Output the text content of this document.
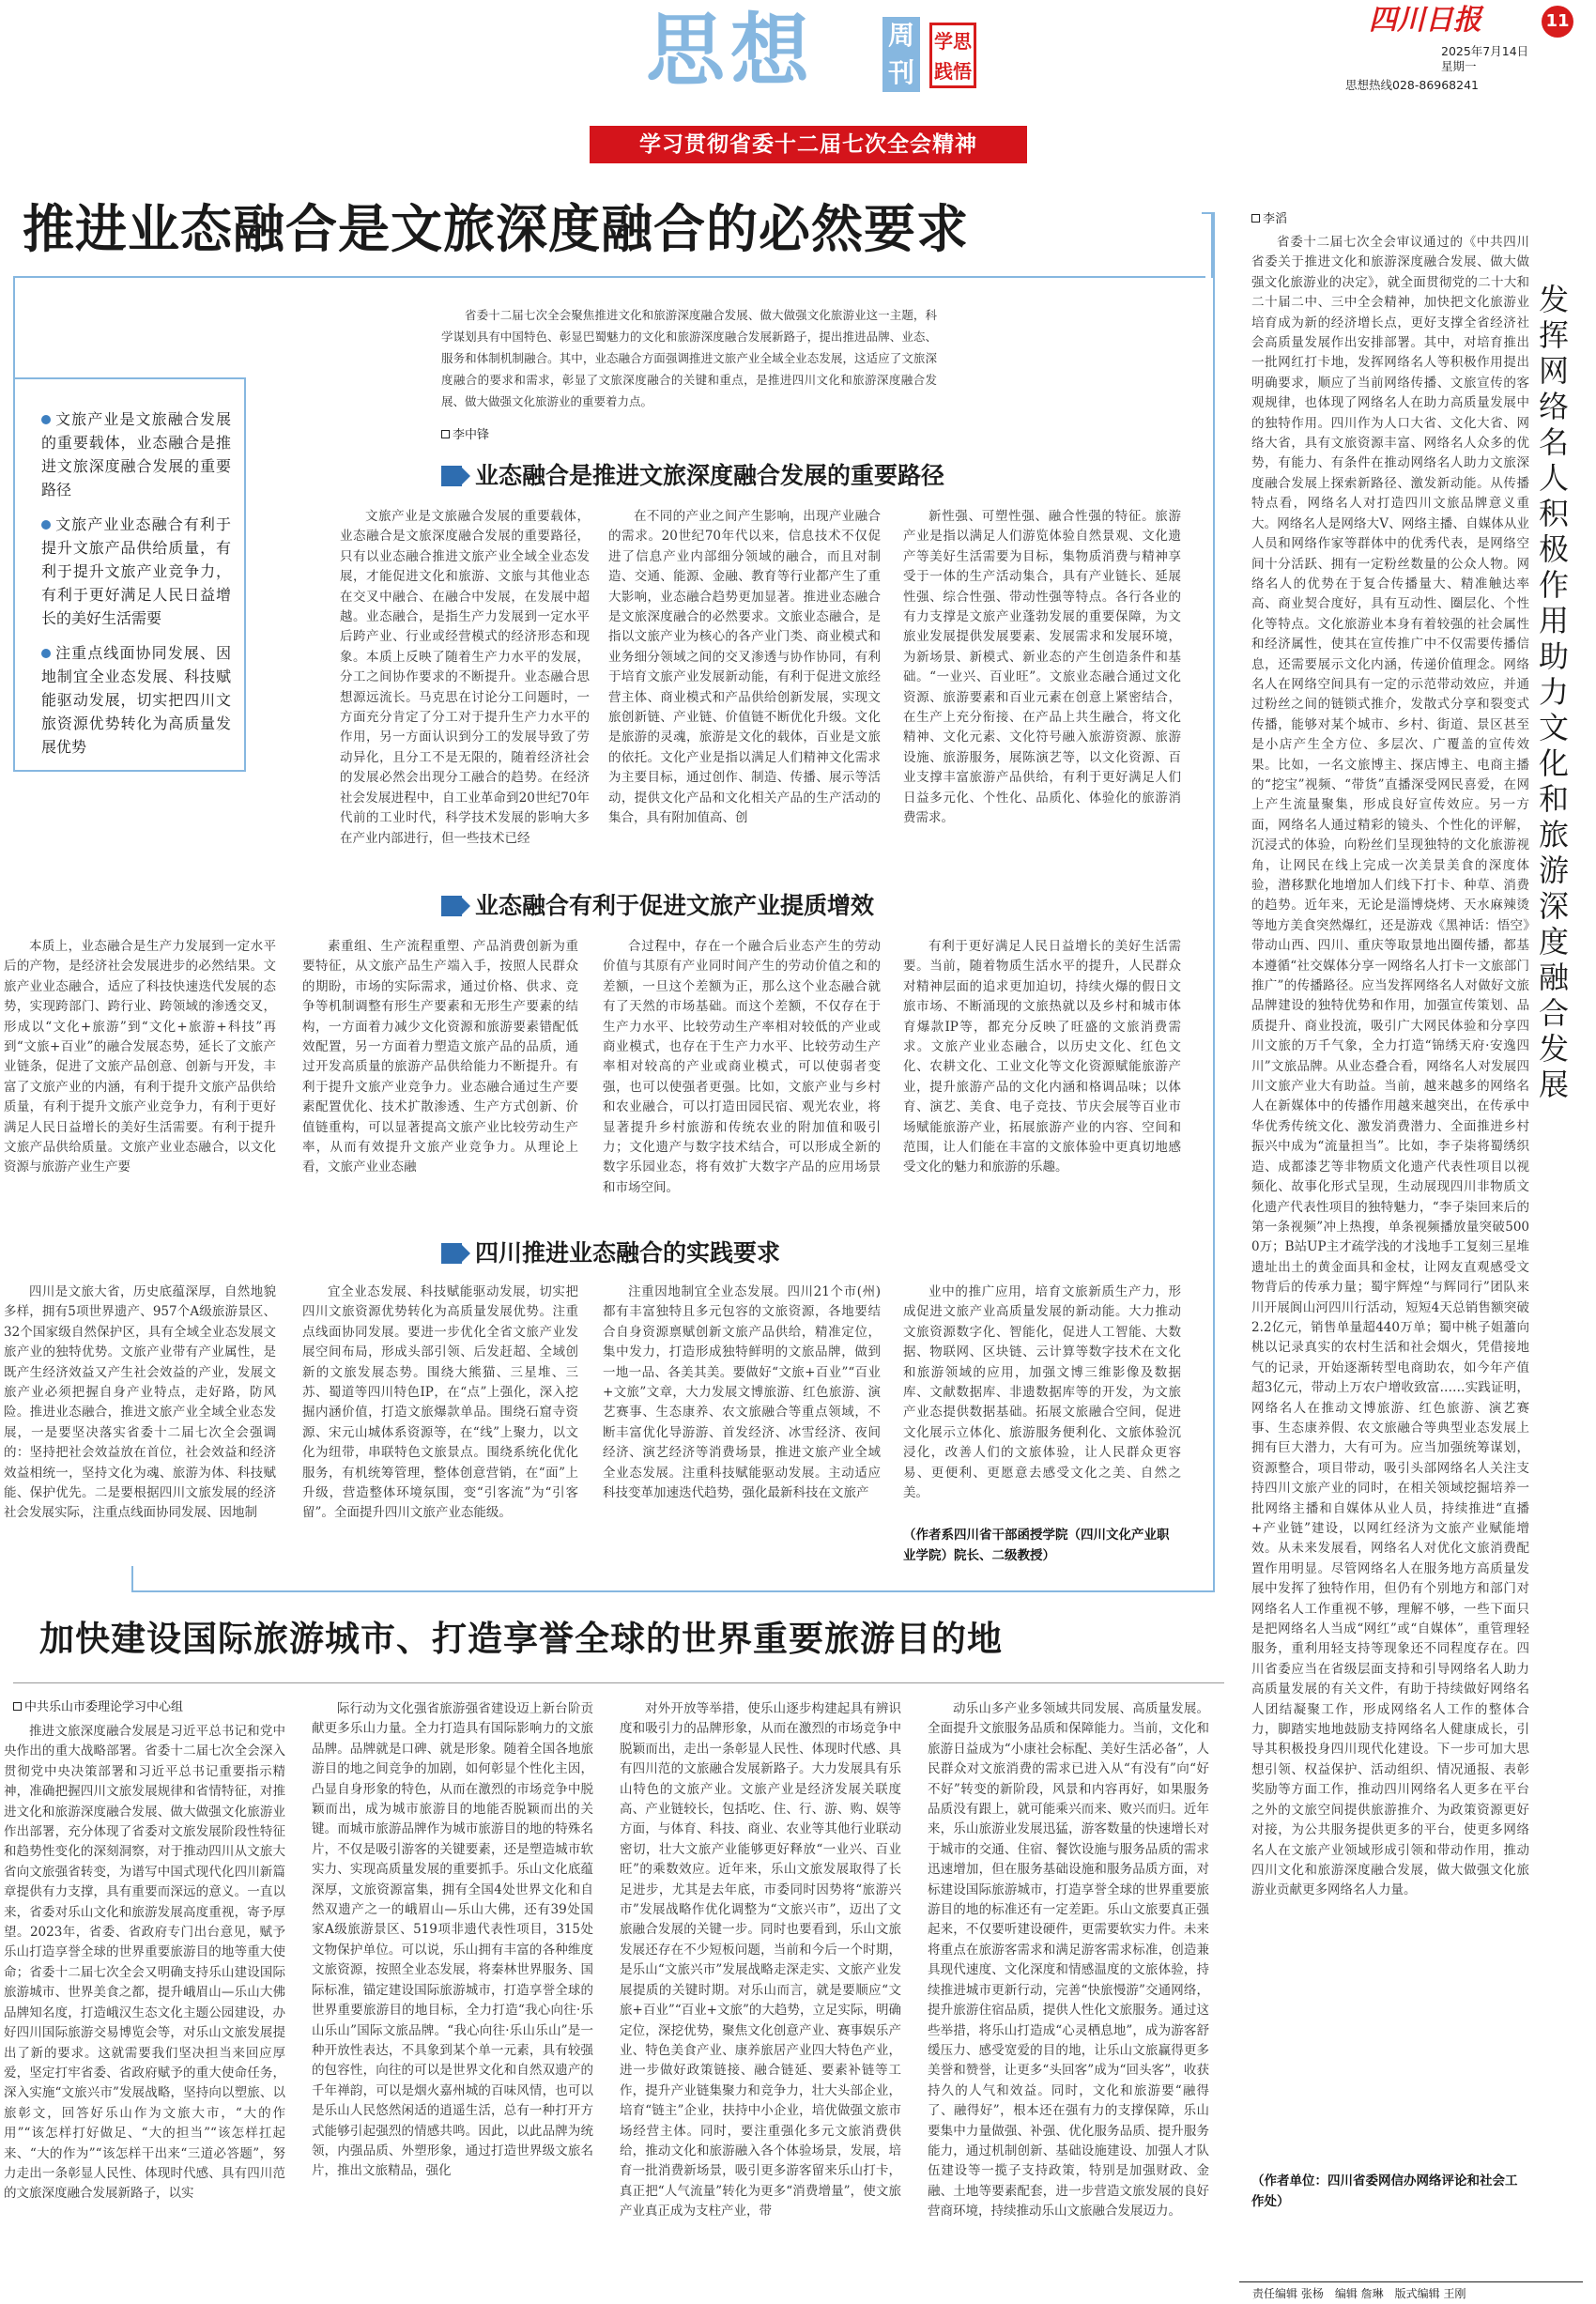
思想	周刊
学思践悟
四川日报	11
2025年7月14日
星期一
思想热线028-86968241
学习贯彻省委十二届七次全会精神
推进业态融合是文旅深度融合的必然要求
省委十二届七次全会聚焦推进文化和旅游深度融合发展、做大做强文化旅游业这一主题，科学谋划具有中国特色、彰显巴蜀魅力的文化和旅游深度融合发展新路子，提出推进品牌、业态、服务和体制机制融合。其中，业态融合方面强调推进文旅产业全域全业态发展，这适应了文旅深度融合的要求和需求，彰显了文旅深度融合的关键和重点，是推进四川文化和旅游深度融合发展、做大做强文化旅游业的重要着力点。
李中锋
文旅产业是文旅融合发展的重要载体，业态融合是推进文旅深度融合发展的重要路径
文旅产业业态融合有利于提升文旅产品供给质量，有利于提升文旅产业竞争力，有利于更好满足人民日益增长的美好生活需要
注重点线面协同发展、因地制宜全业态发展、科技赋能驱动发展，切实把四川文旅资源优势转化为高质量发展优势
业态融合是推进文旅深度融合发展的重要路径
文旅产业是文旅融合发展的重要载体，业态融合是文旅深度融合发展的重要路径，只有以业态融合推进文旅产业全域全业态发展，才能促进文化和旅游、文旅与其他业态在交叉中融合、在融合中发展，在发展中超越。业态融合，是指生产力发展到一定水平后跨产业、行业或经营模式的经济形态和现象。本质上反映了随着生产力水平的发展，分工之间协作要求的不断提升。业态融合思想源远流长。马克思在讨论分工问题时，一方面充分肯定了分工对于提升生产力水平的作用，另一方面认识到分工的发展导致了劳动异化，且分工不是无限的，随着经济社会的发展必然会出现分工融合的趋势。在经济社会发展进程中，自工业革命到20世纪70年代前的工业时代，科学技术发展的影响大多在产业内部进行，但一些技术已经
在不同的产业之间产生影响，出现产业融合的需求。20世纪70年代以来，信息技术不仅促进了信息产业内部细分领域的融合，而且对制造、交通、能源、金融、教育等行业都产生了重大影响，业态融合趋势更加显著。推进业态融合是文旅深度融合的必然要求。文旅业态融合，是指以文旅产业为核心的各产业门类、商业模式和业务细分领域之间的交叉渗透与协作协同，有利于培育文旅产业发展新动能，有利于促进文旅经营主体、商业模式和产品供给创新发展，实现文旅创新链、产业链、价值链不断优化升级。文化是旅游的灵魂，旅游是文化的载体，百业是文旅的依托。文化产业是指以满足人们精神文化需求为主要目标，通过创作、制造、传播、展示等活动，提供文化产品和文化相关产品的生产活动的集合，具有附加值高、创
新性强、可塑性强、融合性强的特征。旅游产业是指以满足人们游览体验自然景观、文化遗产等美好生活需要为目标，集物质消费与精神享受于一体的生产活动集合，具有产业链长、延展性强、综合性强、带动性强等特点。各行各业的有力支撑是文旅产业蓬勃发展的重要保障，为文旅业发展提供发展要素、发展需求和发展环境，为新场景、新模式、新业态的产生创造条件和基础。“一业兴、百业旺”。文旅业态融合通过文化资源、旅游要素和百业元素在创意上紧密结合，在生产上充分衔接、在产品上共生融合，将文化精神、文化元素、文化符号融入旅游资源、旅游设施、旅游服务，展陈演艺等，以文化资源、百业支撑丰富旅游产品供给，有利于更好满足人们日益多元化、个性化、品质化、体验化的旅游消费需求。
业态融合有利于促进文旅产业提质增效
本质上，业态融合是生产力发展到一定水平后的产物，是经济社会发展进步的必然结果。文旅产业业态融合，适应了科技快速迭代发展的态势，实现跨部门、跨行业、跨领域的渗透交叉，形成以“文化+旅游”到“文化+旅游+科技”再到“文旅+百业”的融合发展态势，延长了文旅产业链条，促进了文旅产品创意、创新与开发，丰富了文旅产业的内涵，有利于提升文旅产品供给质量，有利于提升文旅产业竞争力，有利于更好满足人民日益增长的美好生活需要。有利于提升文旅产品供给质量。文旅产业业态融合，以文化资源与旅游产业生产要
素重组、生产流程重塑、产品消费创新为重要特征，从文旅产品生产端入手，按照人民群众的期盼，市场的实际需求，通过价格、供求、竞争等机制调整有形生产要素和无形生产要素的结构，一方面着力减少文化资源和旅游要素错配低效配置，另一方面着力塑造文旅产品的品质，通过开发高质量的旅游产品供给能力不断提升。有利于提升文旅产业竞争力。业态融合通过生产要素配置优化、技术扩散渗透、生产方式创新、价值链重构，可以显著提高文旅产业比较劳动生产率，从而有效提升文旅产业竞争力。从理论上看，文旅产业业态融
合过程中，存在一个融合后业态产生的劳动价值与其原有产业同时间产生的劳动价值之和的差额，一旦这个差额为正，那么这个业态融合就有了天然的市场基础。而这个差额，不仅存在于生产力水平、比较劳动生产率相对较低的产业或商业模式，也存在于生产力水平、比较劳动生产率相对较高的产业或商业模式，可以使弱者变强，也可以使强者更强。比如，文旅产业与乡村和农业融合，可以打造田园民宿、观光农业，将显著提升乡村旅游和传统农业的附加值和吸引力；文化遗产与数字技术结合，可以形成全新的数字乐园业态，将有效扩大数字产品的应用场景和市场空间。
有利于更好满足人民日益增长的美好生活需要。当前，随着物质生活水平的提升，人民群众对精神层面的追求更加迫切，持续火爆的假日文旅市场、不断涌现的文旅热就以及乡村和城市体育爆款IP等，都充分反映了旺盛的文旅消费需求。文旅产业业态融合，以历史文化、红色文化、农耕文化、工业文化等文化资源赋能旅游产业，提升旅游产品的文化内涵和格调品味；以体育、演艺、美食、电子竞技、节庆会展等百业市场赋能旅游产业，拓展旅游产业的内容、空间和范围，让人们能在丰富的文旅体验中更真切地感受文化的魅力和旅游的乐趣。
四川推进业态融合的实践要求
四川是文旅大省，历史底蕴深厚，自然地貌多样，拥有5项世界遗产、957个A级旅游景区、32个国家级自然保护区，具有全域全业态发展文旅产业的独特优势。文旅产业带有产业属性，是既产生经济效益又产生社会效益的产业，发展文旅产业必须把握自身产业特点，走好路，防风险。推进业态融合，推进文旅产业全域全业态发展，一是要坚决落实省委十二届七次全会强调的：坚持把社会效益放在首位，社会效益和经济效益相统一，坚持文化为魂、旅游为体、科技赋能、保护优先。二是要根据四川文旅发展的经济社会发展实际，注重点线面协同发展、因地制
宜全业态发展、科技赋能驱动发展，切实把四川文旅资源优势转化为高质量发展优势。注重点线面协同发展。要进一步优化全省文旅产业发展空间布局，形成头部引领、后发赶超、全域创新的文旅发展态势。围绕大熊猫、三星堆、三苏、蜀道等四川特色IP，在“点”上强化，深入挖掘内涵价值，打造文旅爆款单品。围绕石窟寺资源、宋元山城体系资源等，在“线”上聚力，以文化为纽带，串联特色文旅景点。围绕系统化优化服务，有机统筹管理，整体创意营销，在“面”上升级，营造整体环境氛围，变“引客流”为“引客留”。全面提升四川文旅产业态能级。
注重因地制宜全业态发展。四川21个市(州)都有丰富独特且多元包容的文旅资源，各地要结合自身资源禀赋创新文旅产品供给，精准定位，集中发力，打造形成独特鲜明的文旅品牌，做到一地一品、各美其美。要做好“文旅+百业”“百业+文旅”文章，大力发展文博旅游、红色旅游、演艺赛事、生态康养、农文旅融合等重点领域，不断丰富优化导游游、首发经济、冰雪经济、夜间经济、演艺经济等消费场景，推进文旅产业全域全业态发展。注重科技赋能驱动发展。主动适应科技变革加速迭代趋势，强化最新科技在文旅产
业中的推广应用，培育文旅新质生产力，形成促进文旅产业高质量发展的新动能。大力推动文旅资源数字化、智能化，促进人工智能、大数据、物联网、区块链、云计算等数字技术在文化和旅游领域的应用，加强文博三维影像及数据库、文献数据库、非遗数据库等的开发，为文旅产业态提供数据基础。拓展文旅融合空间，促进文化展示立体化、旅游服务便利化、文旅体验沉浸化，改善人们的文旅体验，让人民群众更容易、更便利、更愿意去感受文化之美、自然之美。
（作者系四川省干部函授学院（四川文化产业职业学院）院长、二级教授）
李滔
发挥网络名人积极作用 助力文化和旅游深度融合发展
省委十二届七次全会审议通过的《中共四川省委关于推进文化和旅游深度融合发展、做大做强文化旅游业的决定》，就全面贯彻党的二十大和二十届二中、三中全会精神，加快把文化旅游业培育成为新的经济增长点，更好支撑全省经济社会高质量发展作出安排部署。其中，对培育推出一批网红打卡地，发挥网络名人等积极作用提出明确要求，顺应了当前网络传播、文旅宣传的客观规律，也体现了网络名人在助力高质量发展中的独特作用。四川作为人口大省、文化大省、网络大省，具有文旅资源丰富、网络名人众多的优势，有能力、有条件在推动网络名人助力文旅深度融合发展上探索新路径、激发新动能。从传播特点看，网络名人对打造四川文旅品牌意义重大。网络名人是网络大V、网络主播、自媒体从业人员和网络作家等群体中的优秀代表，是网络空间十分活跃、拥有一定粉丝数量的公众人物。网络名人的优势在于复合传播量大、精准触达率高、商业契合度好，具有互动性、圈层化、个性化等特点。文化旅游业本身有着较强的社会属性和经济属性，使其在宣传推广中不仅需要传播信息，还需要展示文化内涵，传递价值理念。网络名人在网络空间具有一定的示范带动效应，并通过粉丝之间的链锁式推介，发散式分享和裂变式传播，能够对某个城市、乡村、街道、景区甚至是小店产生全方位、多层次、广覆盖的宣传效果。比如，一名文旅博主、探店博主、电商主播的“挖宝”视频、“带货”直播深受网民喜爱，在网上产生流量聚集，形成良好宣传效应。另一方面，网络名人通过精彩的镜头、个性化的评解，沉浸式的体验，向粉丝们呈现独特的文化旅游视角，让网民在线上完成一次美景美食的深度体验，潜移默化地增加人们线下打卡、种草、消费的趋势。近年来，无论是淄博烧烤、天水麻辣烫等地方美食突然爆红，还是游戏《黑神话：悟空》带动山西、四川、重庆等取景地出圈传播，都基本遵循“社交媒体分享一网络名人打卡一文旅部门推广”的传播路径。应当发挥网络名人对做好文旅品牌建设的独特优势和作用，加强宣传策划、品质提升、商业投流，吸引广大网民体验和分享四川文旅的万千气象，全力打造“锦绣天府·安逸四川”文旅品牌。从业态叠合看，网络名人对发展四川文旅产业大有助益。当前，越来越多的网络名人在新媒体中的传播作用越来越突出，在传承中华优秀传统文化、激发消费潜力、全面推进乡村振兴中成为“流量担当”。比如，李子柒将蜀绣织造、成都漆艺等非物质文化遗产代表性项目以视频化、故事化形式呈现，生动展现四川非物质文化遗产代表性项目的独特魅力，“李子柒回来后的第一条视频”冲上热搜，单条视频播放量突破5000万；B站UP主才疏学浅的才浅地手工复刻三星堆遗址出土的黄金面具和金杖，让网友直观感受文物背后的传承力量；蜀宇辉煌“与辉同行”团队来川开展阆山河四川行活动，短短4天总销售额突破2.2亿元，销售单量超440万单；蜀中桃子姐蕭向桃以记录真实的农村生活和社会烟火，凭借接地气的记录，开始逐渐转型电商助农，如今年产值超3亿元，带动上万农户增收致富……实践证明，网络名人在推动文博旅游、红色旅游、演艺赛事、生态康养假、农文旅融合等典型业态发展上拥有巨大潜力，大有可为。应当加强统筹谋划，资源整合，项目带动，吸引头部网络名人关注支持四川文旅产业的同时，在相关领域挖掘培养一批网络主播和自媒体从业人员，持续推进“直播+产业链”建设，以网红经济为文旅产业赋能增效。从未来发展看，网络名人对优化文旅消费配置作用明显。尽管网络名人在服务地方高质量发展中发挥了独特作用，但仍有个别地方和部门对网络名人工作重视不够，理解不够，一些下面只是把网络名人当成“网红”或“自媒体”，重管理轻服务，重利用轻支持等现象还不同程度存在。四川省委应当在省级层面支持和引导网络名人助力高质量发展的有关文件，有助于持续做好网络名人团结凝聚工作，形成网络名人工作的整体合力，脚踏实地地鼓励支持网络名人健康成长，引导其积极投身四川现代化建设。下一步可加大思想引领、权益保护、活动组织、情况通报、表彰奖励等方面工作，推动四川网络名人更多在平台之外的文旅空间提供旅游推介、为政策资源更好对接，为公共服务提供更多的平台，使更多网络名人在文旅产业领域形成引领和带动作用，推动四川文化和旅游深度融合发展，做大做强文化旅游业贡献更多网络名人力量。
（作者单位：四川省委网信办网络评论和社会工作处）
加快建设国际旅游城市、打造享誉全球的世界重要旅游目的地
中共乐山市委理论学习中心组
推进文旅深度融合发展是习近平总书记和党中央作出的重大战略部署。省委十二届七次全会深入贯彻党中央决策部署和习近平总书记重要指示精神，准确把握四川文旅发展规律和省情特征，对推进文化和旅游深度融合发展、做大做强文化旅游业作出部署，充分体现了省委对文旅发展阶段性特征和趋势性变化的深刻洞察，对于推动四川从文旅大省向文旅强省转变，为谱写中国式现代化四川新篇章提供有力支撑，具有重要而深远的意义。一直以来，省委对乐山文化和旅游发展高度重视，寄予厚望。2023年，省委、省政府专门出台意见，赋予乐山打造享誉全球的世界重要旅游目的地等重大使命；省委十二届七次全会又明确支持乐山建设国际旅游城市、世界美食之都，提升峨眉山—乐山大佛品牌知名度，打造峨汉生态文化主题公园建设，办好四川国际旅游交易博览会等，对乐山文旅发展提出了新的要求。这就需要我们坚决担当来回应厚爱，坚定打牢省委、省政府赋予的重大使命任务，深入实施“文旅兴市”发展战略，坚持向以塑旅、以旅彰文，回答好乐山作为文旅大市，“大的作用”“该怎样打好做足、“大的担当”“该怎样扛起来、“大的作为”“该怎样干出来“三道必答题”，努力走出一条彰显人民性、体现时代感、具有四川范的文旅深度融合发展新路子，以实
际行动为文化强省旅游强省建设迈上新台阶贡献更多乐山力量。全力打造具有国际影响力的文旅品牌。品牌就是口碑、就是形象。随着全国各地旅游目的地之间竞争的加剧，如何彰显个性化主因，凸显自身形象的特色，从而在激烈的市场竞争中脱颖而出，成为城市旅游目的地能否脱颖而出的关键。而城市旅游品牌作为城市旅游目的地的特殊名片，不仅是吸引游客的关键要素，还是塑造城市软实力、实现高质量发展的重要抓手。乐山文化底蕴深厚，文旅资源富集，拥有全国4处世界文化和自然双遗产之一的峨眉山—乐山大佛，还有39处国家A级旅游景区、519项非遗代表性项目，315处文物保护单位。可以说，乐山拥有丰富的各种维度文旅资源，按照全业态发展，将秦林世界服务、国际标准，锚定建设国际旅游城市，打造享誉全球的世界重要旅游目的地目标，全力打造“我心向往·乐山乐山”国际文旅品牌。“我心向往·乐山乐山”是一种开放性表达，不具象到某个单一元素，具有较强的包容性，向往的可以是世界文化和自然双遗产的千年禅韵，可以是烟火嘉州城的百味风情，也可以是乐山人民悠然闲适的逍遥生活，总有一种打开方式能够引起强烈的情感共鸣。因此，以此品牌为统领，内强品质、外塑形象，通过打造世界级文旅名片，推出文旅精品，强化
对外开放等举措，使乐山逐步构建起具有辨识度和吸引力的品牌形象，从而在激烈的市场竞争中脱颖而出，走出一条彰显人民性、体现时代感、具有四川范的文旅融合发展新路子。大力发展具有乐山特色的文旅产业。文旅产业是经济发展关联度高、产业链较长，包括吃、住、行、游、购、娱等方面，与体育、科技、商业、农业等其他行业联动密切，壮大文旅产业能够更好释放“一业兴、百业旺”的乘数效应。近年来，乐山文旅发展取得了长足进步，尤其是去年底，市委同时因势将“旅游兴市”发展战略作优化调整为“文旅兴市”，迈出了文旅融合发展的关键一步。同时也要看到，乐山文旅发展还存在不少短板问题，当前和今后一个时期，是乐山“文旅兴市”发展战略走深走实、文旅产业发展提质的关键时期。对乐山而言，就是要顺应“文旅+百业”“百业+文旅”的大趋势，立足实际，明确定位，深挖优势，聚焦文化创意产业、赛事娱乐产业、特色美食产业、康养旅居产业四大特色产业，进一步做好政策链接、融合链延、要素补链等工作，提升产业链集聚力和竞争力，壮大头部企业，培育“链主”企业，扶持中小企业，培优做强文旅市场经营主体。同时，要注重强化多元文旅消费供给，推动文化和旅游融入各个体验场景，发展，培育一批消费新场景，吸引更多游客留来乐山打卡，真正把“人气流量”转化为更多“消费增量”，使文旅产业真正成为支柱产业，带
动乐山多产业多领域共同发展、高质量发展。全面提升文旅服务品质和保障能力。当前，文化和旅游日益成为“小康社会标配、美好生活必备”，人民群众对文旅消费的需求已进入从“有没有”向“好不好”转变的新阶段，风景和内容再好，如果服务品质没有跟上，就可能乘兴而来、败兴而归。近年来，乐山旅游业发展迅猛，游客数量的快速增长对于城市的交通、住宿、餐饮设施与服务品质的需求迅速增加，但在服务基础设施和服务品质方面，对标建设国际旅游城市，打造享誉全球的世界重要旅游目的地的标准还有一定差距。乐山文旅要真正强起来，不仅要听建设硬件，更需要软实力件。未来将重点在旅游客需求和满足游客需求标准，创造兼具现代速度、文化深度和情感温度的文旅体验，持续推进城市更新行动，完善“快旅慢游”交通网络，提升旅游住宿品质，提供人性化文旅服务。通过这些举措，将乐山打造成“心灵栖息地”，成为游客舒缓压力、感受宽爱的目的地，让乐山文旅赢得更多美誉和赞誉，让更多“头回客”成为“回头客”，收获持久的人气和效益。同时，文化和旅游要“融得了、融得好”，根本还在强有力的支撑保障，乐山要集中力量做强、补强、优化服务品质、提升服务能力，通过机制创新、基础设施建设、加强人才队伍建设等一揽子支持政策，特别是加强财政、金融、土地等要素配套，进一步营造文旅发展的良好营商环境，持续推动乐山文旅融合发展迈力。
责任编辑 张杨　编辑 詹琳　版式编辑 王刚
